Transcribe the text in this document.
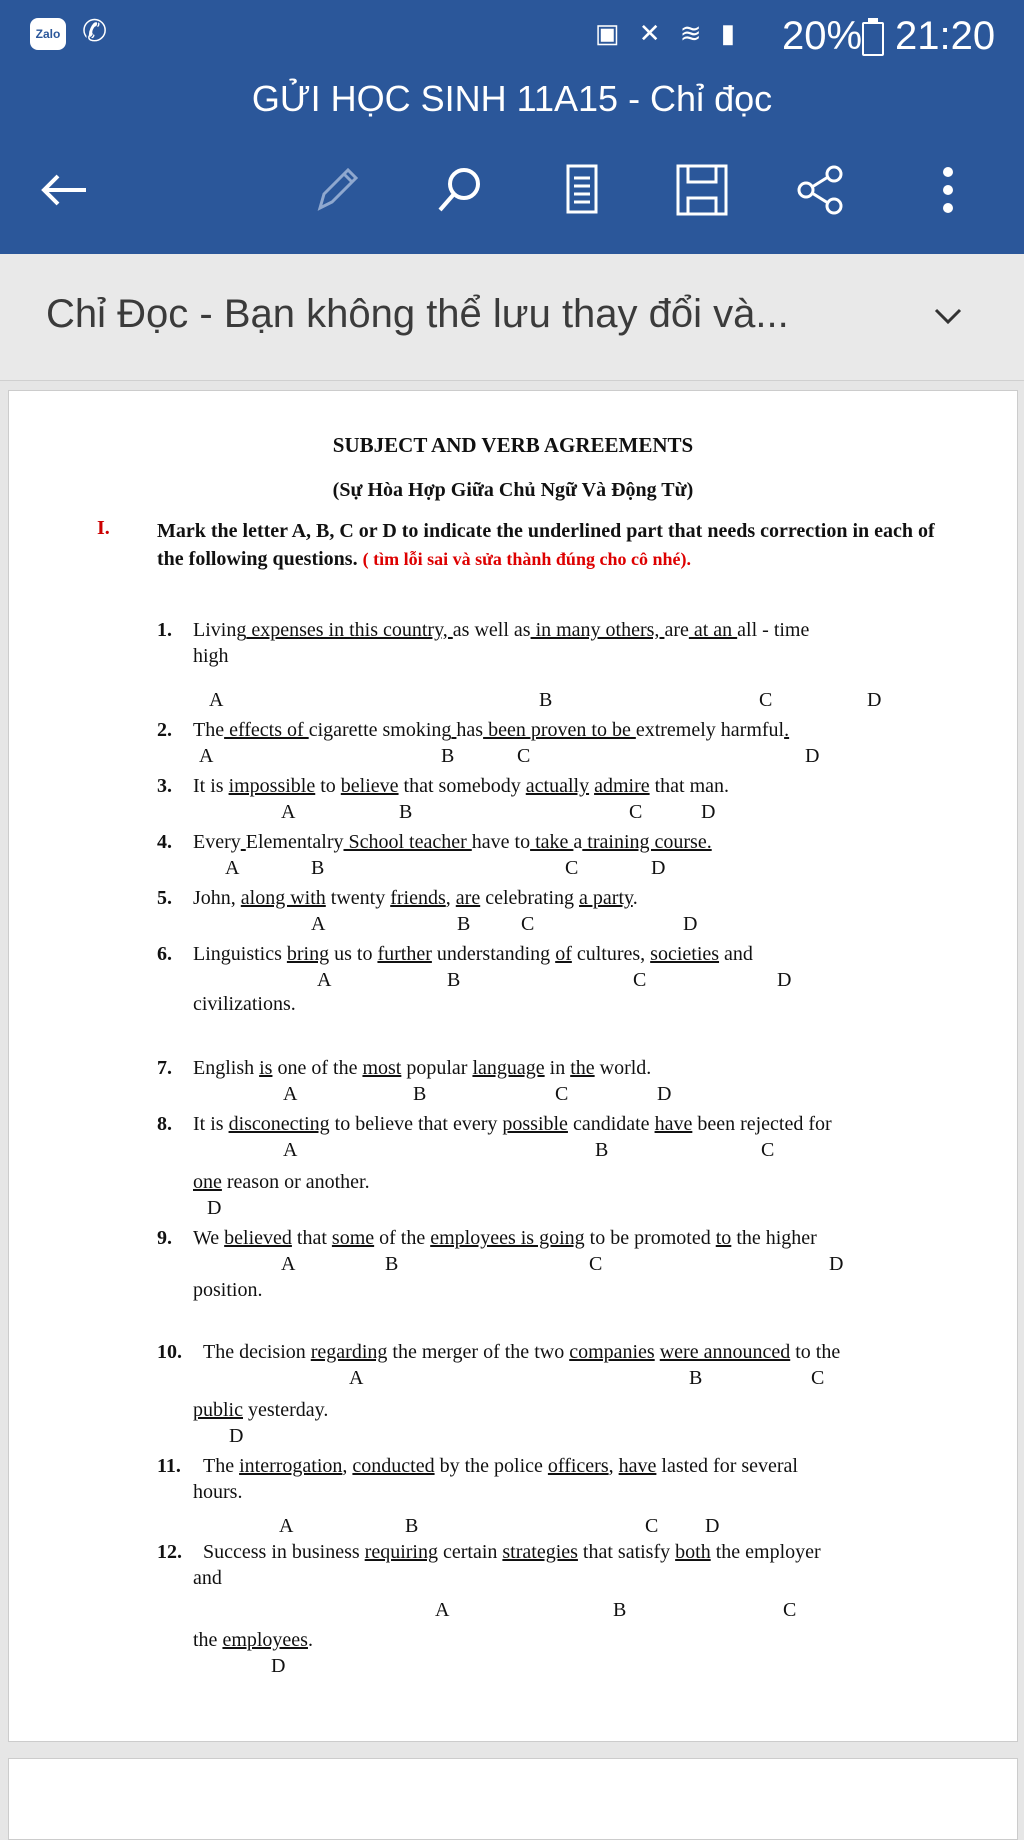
Zalo ✆	▣ ✕ ≋ ▮ 20% 21:20
GỬI HỌC SINH 11A15 - Chỉ đọc
Chỉ Đọc - Bạn không thể lưu thay đổi và...
SUBJECT AND VERB AGREEMENTS
(Sự Hòa Hợp Giữa Chủ Ngữ Và Động Từ)
I. Mark the letter A, B, C or D to indicate the underlined part that needs correction in each of the following questions. ( tìm lỗi sai và sửa thành đúng cho cô nhé).
1. Living expenses in this country, as well as in many others, are at an all - time
high
A	B	C	D
2. The effects of cigarette smoking has been proven to be extremely harmful.
A	B	C	D
3. It is impossible to believe that somebody actually admire that man.
A	B	C	D
4. Every Elementalry School teacher have to take a training course.
A	B	C	D
5. John, along with twenty friends, are celebrating a party.
A	B	C	D
6. Linguistics bring us to further understanding of cultures, societies and
civilizations.
A	B	C	D
7. English is one of the most popular language in the world.
A	B	C	D
8. It is disconecting to believe that every possible candidate have been rejected for
one reason or another.
A	B	C
D
9. We believed that some of the employees is going to be promoted to the higher
position.
A	B	C	D
10. The decision regarding the merger of the two companies were announced to the
public yesterday.
A	B	C
D
11. The interrogation, conducted by the police officers, have lasted for several
hours.
A	B	C D
12. Success in business requiring certain strategies that satisfy both the employer
and
the employees.
A	B	C
D
